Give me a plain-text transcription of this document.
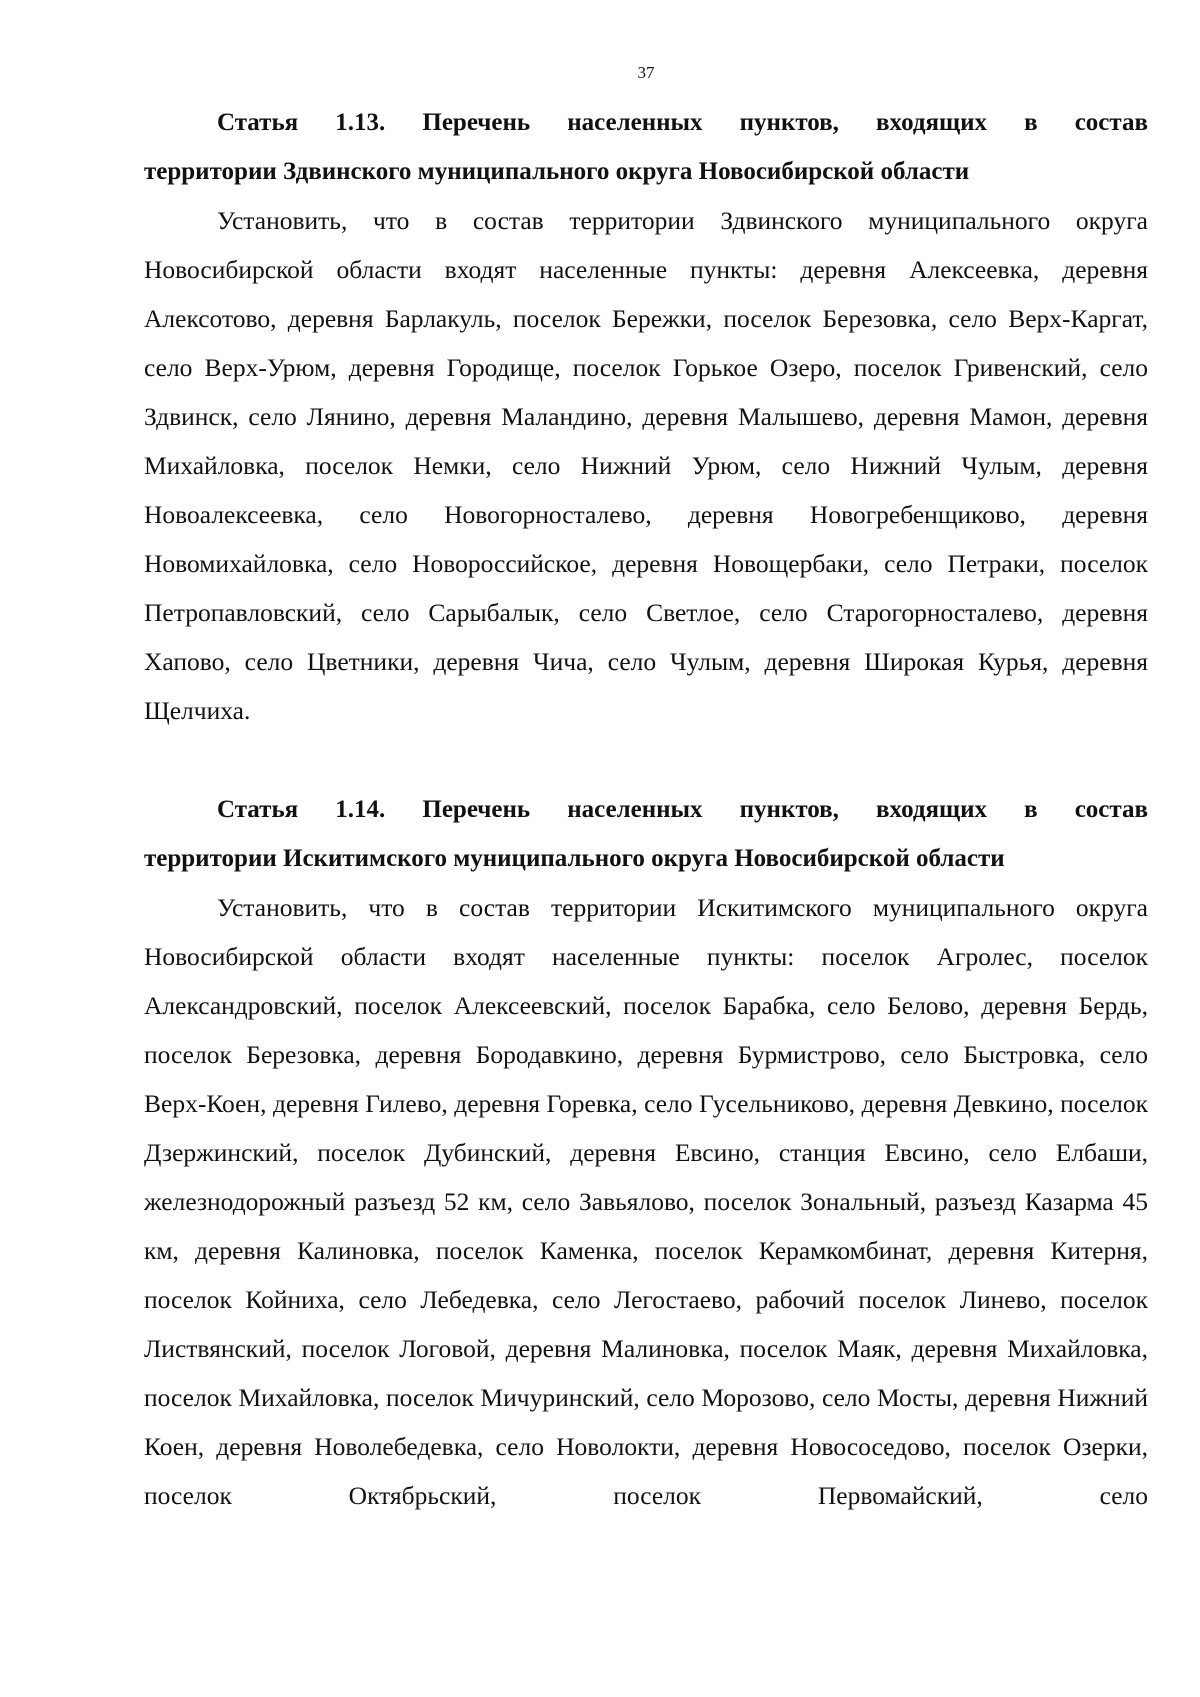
37
Статья 1.13. Перечень населенных пунктов, входящих в состав
территории Здвинского муниципального округа Новосибирской области

Установить, что в состав территории Здвинского муниципального округа Новосибирской области входят населенные пункты: деревня Алексеевка, деревня Алексотово, деревня Барлакуль, поселок Бережки, поселок Березовка, село Верх-Каргат, село Верх-Урюм, деревня Городище, поселок Горькое Озеро, поселок Гривенский, село Здвинск, село Лянино, деревня Маландино, деревня Малышево, деревня Мамон, деревня Михайловка, поселок Немки, село Нижний Урюм, село Нижний Чулым, деревня Новоалексеевка, село Новогорносталево, деревня Новогребенщиково, деревня Новомихайловка, село Новороссийское, деревня Новощербаки, село Петраки, поселок Петропавловский, село Сарыбалык, село Светлое, село Старогорносталево, деревня Хапово, село Цветники, деревня Чича, село Чулым, деревня Широкая Курья, деревня Щелчиха.

Статья 1.14. Перечень населенных пунктов, входящих в состав
территории Искитимского муниципального округа Новосибирской области

Установить, что в состав территории Искитимского муниципального округа Новосибирской области входят населенные пункты: поселок Агролес, поселок Александровский, поселок Алексеевский, поселок Барабка, село Белово, деревня Бердь, поселок Березовка, деревня Бородавкино, деревня Бурмистрово, село Быстровка, село Верх-Коен, деревня Гилево, деревня Горевка, село Гусельниково, деревня Девкино, поселок Дзержинский, поселок Дубинский, деревня Евсино, станция Евсино, село Елбаши, железнодорожный разъезд 52 км, село Завьялово, поселок Зональный, разъезд Казарма 45 км, деревня Калиновка, поселок Каменка, поселок Керамкомбинат, деревня Китерня, поселок Койниха, село Лебедевка, село Легостаево, рабочий поселок Линево, поселок Листвянский, поселок Логовой, деревня Малиновка, поселок Маяк, деревня Михайловка, поселок Михайловка, поселок Мичуринский, село Морозово, село Мосты, деревня Нижний Коен, деревня Новолебедевка, село Новолокти, деревня Новососедово, поселок Озерки, поселок Октябрьский, поселок Первомайский, село
